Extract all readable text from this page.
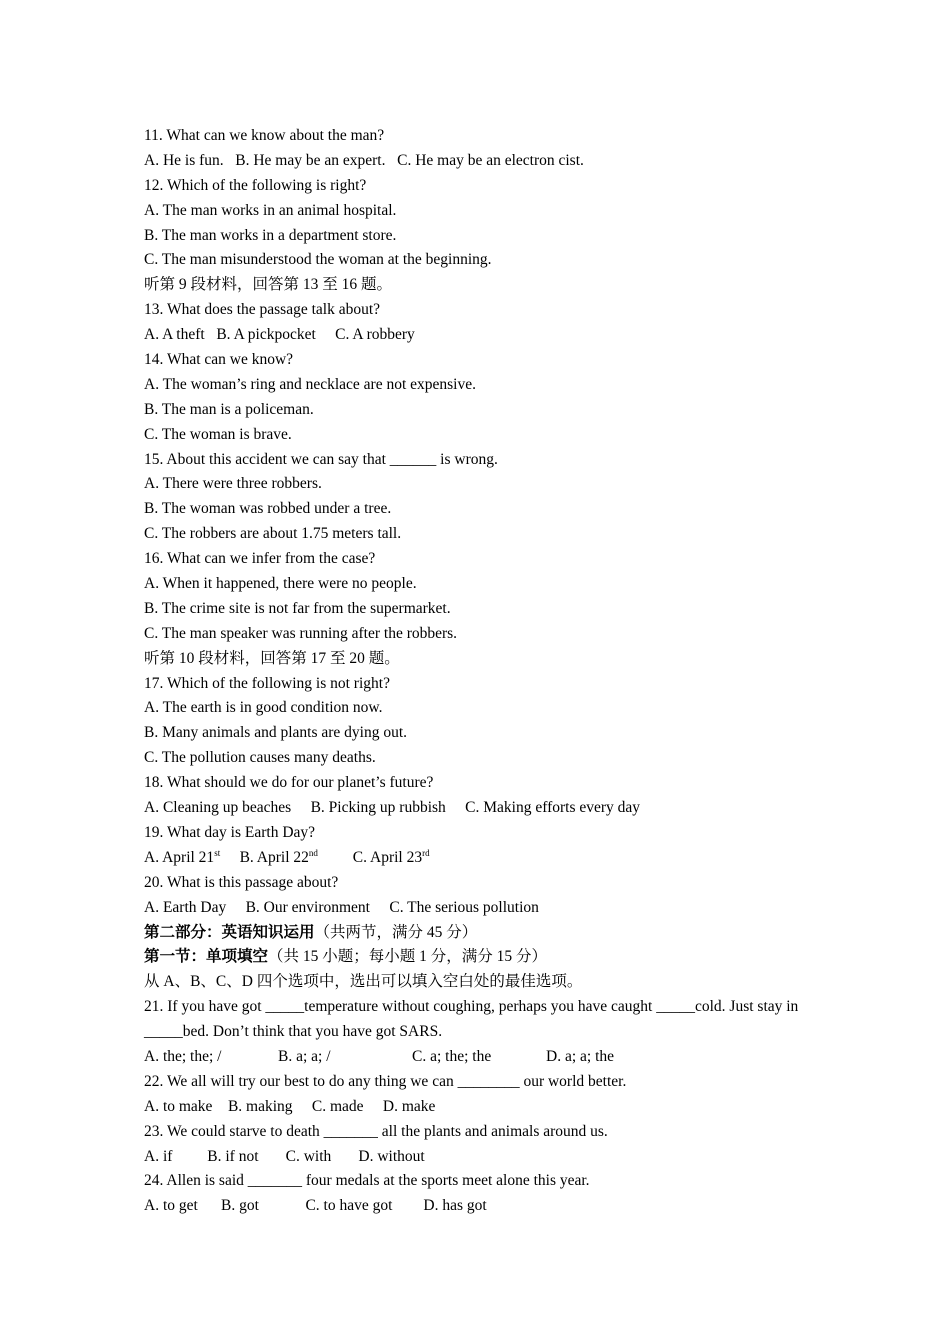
11. What can we know about the man?
A. He is fun.   B. He may be an expert.   C. He may be an electron cist.
12. Which of the following is right?
A. The man works in an animal hospital.
B. The man works in a department store.
C. The man misunderstood the woman at the beginning.
听第 9 段材料，回答第 13 至 16 题。
13. What does the passage talk about?
A. A theft   B. A pickpocket     C. A robbery
14. What can we know?
A. The woman’s ring and necklace are not expensive.
B. The man is a policeman.
C. The woman is brave.
15. About this accident we can say that ______ is wrong.
A. There were three robbers.
B. The woman was robbed under a tree.
C. The robbers are about 1.75 meters tall.
16. What can we infer from the case?
A. When it happened, there were no people.
B. The crime site is not far from the supermarket.
C. The man speaker was running after the robbers.
听第 10 段材料，回答第 17 至 20 题。
17. Which of the following is not right?
A. The earth is in good condition now.
B. Many animals and plants are dying out.
C. The pollution causes many deaths.
18. What should we do for our planet’s future?
A. Cleaning up beaches     B. Picking up rubbish     C. Making efforts every day
19. What day is Earth Day?
A. April 21st B. April 22nd C. April 23rd
20. What is this passage about?
A. Earth Day     B. Our environment     C. The serious pollution
第二部分：英语知识运用（共两节，满分 45 分）
第一节：单项填空（共 15 小题；每小题 1 分，满分 15 分）
从 A、B、C、D 四个选项中，选出可以填入空白处的最佳选项。
21. If you have got _____temperature without coughing, perhaps you have caught _____cold. Just stay in _____bed. Don’t think that you have got SARS.
A. the; the; /	B. a; a; /	C. a; the; the	D. a; a; the
22. We all will try our best to do any thing we can ________ our world better.
A. to make    B. making     C. made     D. make
23. We could starve to death _______ all the plants and animals around us.
A. if         B. if not       C. with       D. without
24. Allen is said _______ four medals at the sports meet alone this year.
A. to get      B. got            C. to have got        D. has got
